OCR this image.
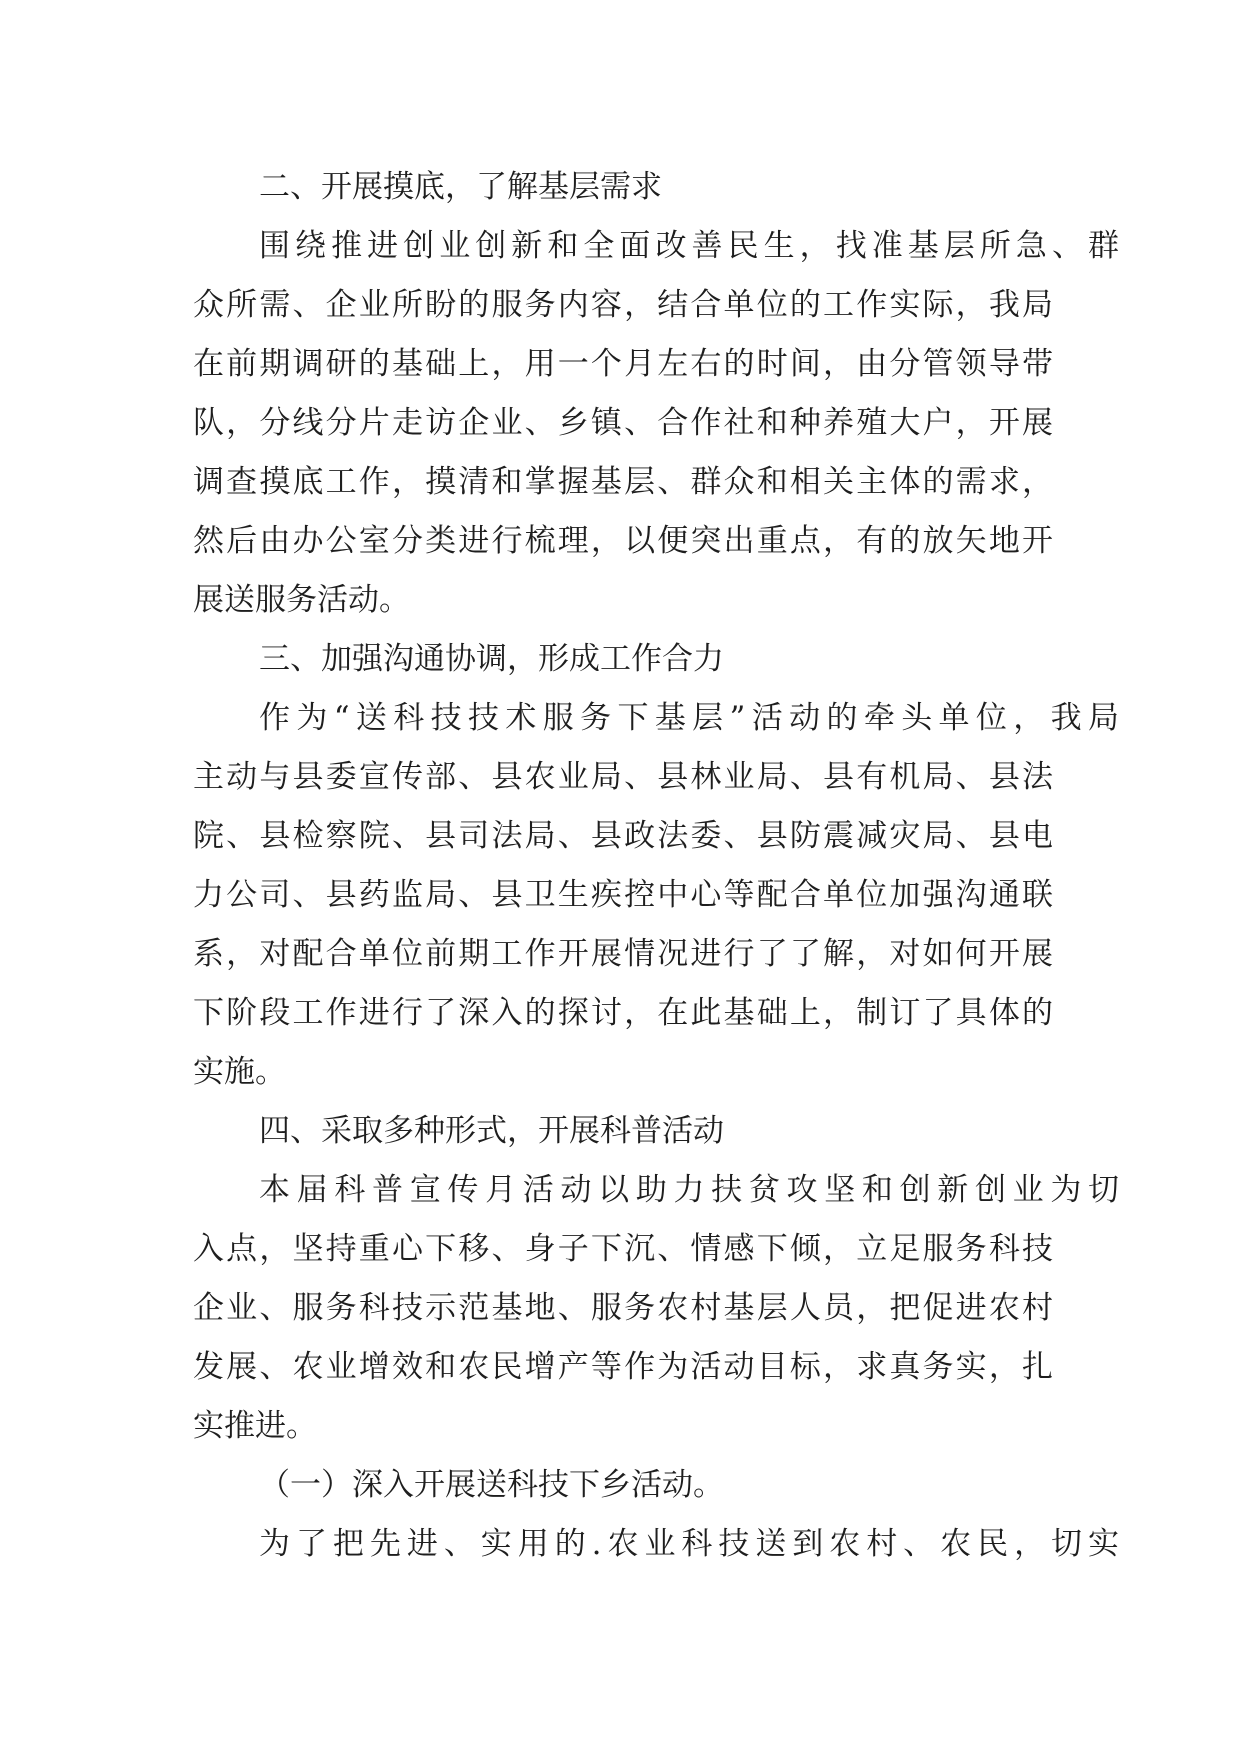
二、开展摸底，了解基层需求
围绕推进创业创新和全面改善民生，找准基层所急、群
众所需、企业所盼的服务内容，结合单位的工作实际，我局
在前期调研的基础上，用一个月左右的时间，由分管领导带
队，分线分片走访企业、乡镇、合作社和种养殖大户，开展
调查摸底工作，摸清和掌握基层、群众和相关主体的需求，
然后由办公室分类进行梳理，以便突出重点，有的放矢地开
展送服务活动。
三、加强沟通协调，形成工作合力
作为“送科技技术服务下基层”活动的牵头单位，我局
主动与县委宣传部、县农业局、县林业局、县有机局、县法
院、县检察院、县司法局、县政法委、县防震减灾局、县电
力公司、县药监局、县卫生疾控中心等配合单位加强沟通联
系，对配合单位前期工作开展情况进行了了解，对如何开展
下阶段工作进行了深入的探讨，在此基础上，制订了具体的
实施。
四、采取多种形式，开展科普活动
本届科普宣传月活动以助力扶贫攻坚和创新创业为切
入点，坚持重心下移、身子下沉、情感下倾，立足服务科技
企业、服务科技示范基地、服务农村基层人员，把促进农村
发展、农业增效和农民增产等作为活动目标，求真务实，扎
实推进。
（一）深入开展送科技下乡活动。
为了把先进、实用的.农业科技送到农村、农民，切实
